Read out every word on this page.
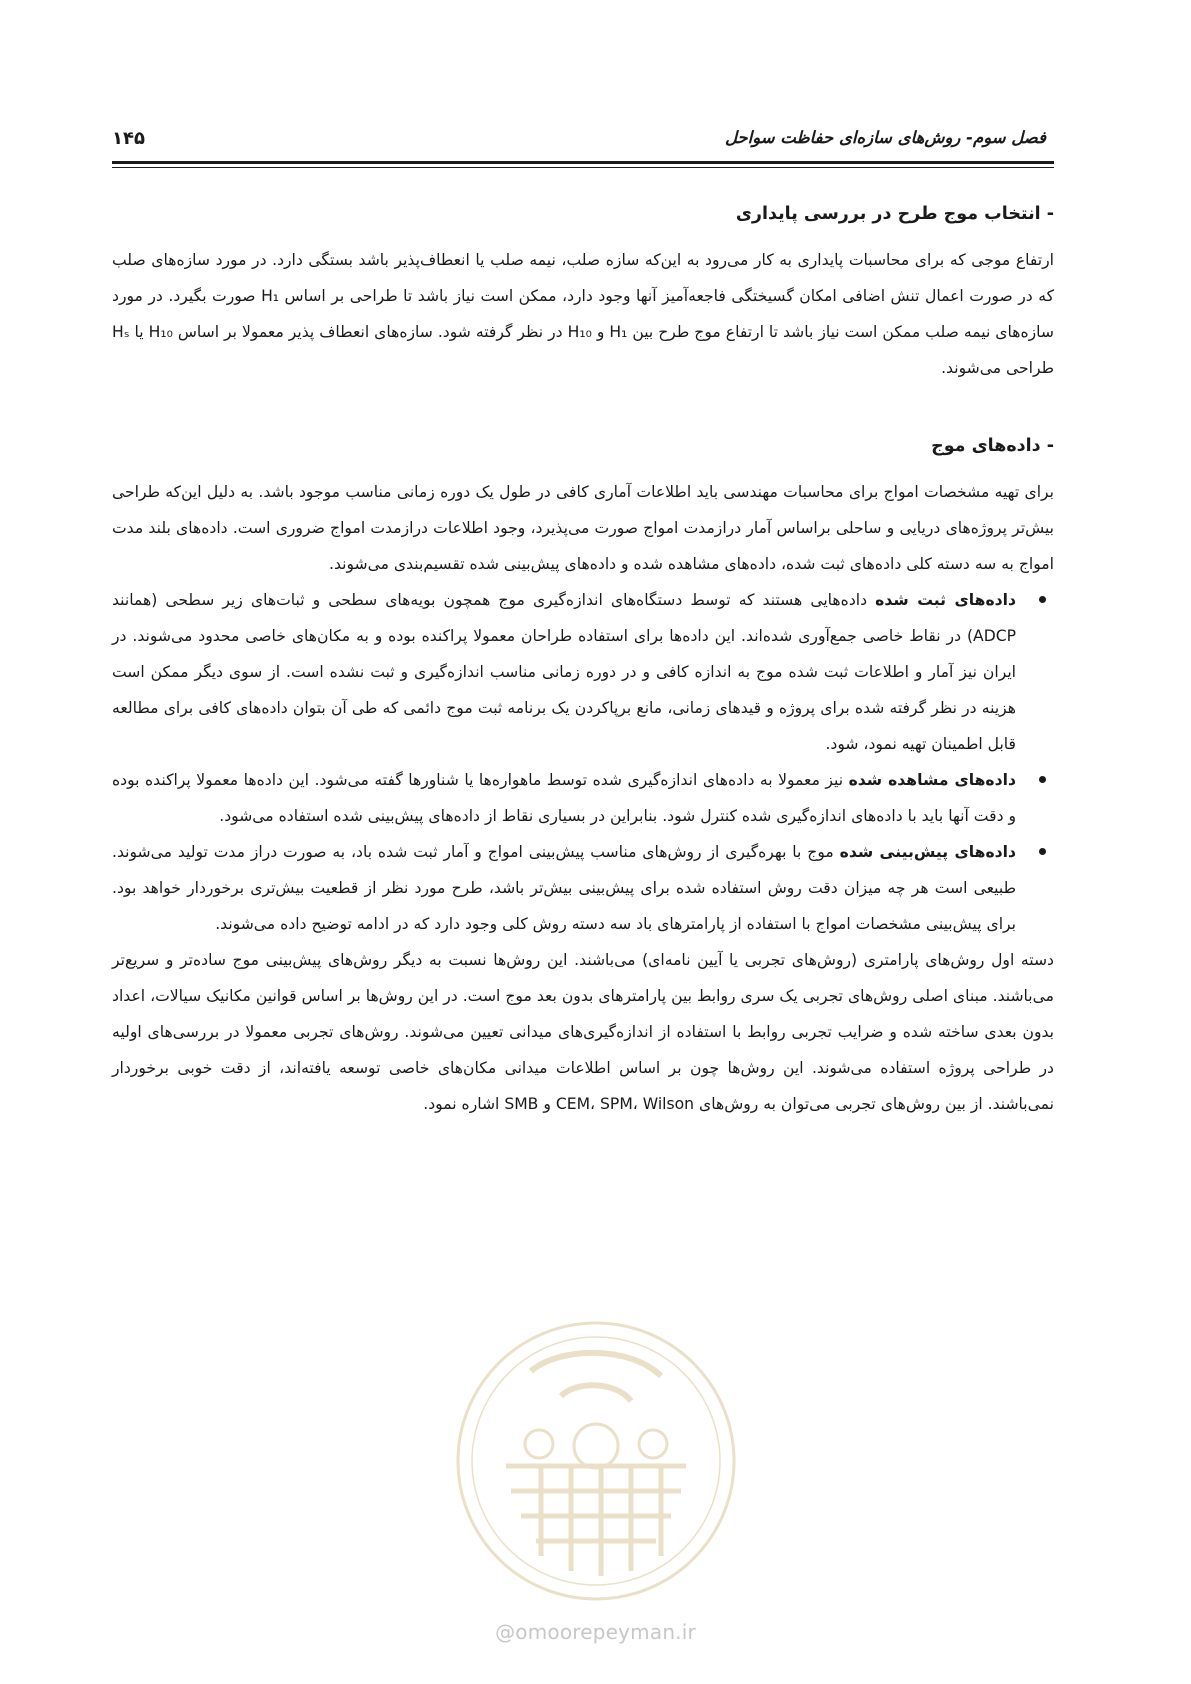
فصل سوم- روش‌های سازه‌ای حفاظت سواحل
۱۴۵
- انتخاب موج طرح در بررسی پایداری
ارتفاع موجی که برای محاسبات پایداری به کار می‌رود به این‌که سازه صلب، نیمه صلب یا انعطاف‌پذیر باشد بستگی دارد. در مورد سازه‌های صلب که در صورت اعمال تنش اضافی امکان گسیختگی فاجعه‌آمیز آنها وجود دارد، ممکن است نیاز باشد تا طراحی بر اساس H₁ صورت بگیرد. در مورد سازه‌های نیمه صلب ممکن است نیاز باشد تا ارتفاع موج طرح بین H₁ و H₁₀ در نظر گرفته شود. سازه‌های انعطاف پذیر معمولا بر اساس H₁₀ یا Hₛ طراحی می‌شوند.
- داده‌های موج
برای تهیه مشخصات امواج برای محاسبات مهندسی باید اطلاعات آماری کافی در طول یک دوره زمانی مناسب موجود باشد. به دلیل این‌که طراحی بیش‌تر پروژه‌های دریایی و ساحلی براساس آمار درازمدت امواج صورت می‌پذیرد، وجود اطلاعات درازمدت امواج ضروری است. داده‌های بلند مدت امواج به سه دسته کلی داده‌های ثبت شده، داده‌های مشاهده شده و داده‌های پیش‌بینی شده تقسیم‌بندی می‌شوند.
داده‌های ثبت شده داده‌هایی هستند که توسط دستگاه‌های اندازه‌گیری موج همچون بویه‌های سطحی و ثبات‌های زیر سطحی (همانند ADCP) در نقاط خاصی جمع‌آوری شده‌اند. این داده‌ها برای استفاده طراحان معمولا پراکنده بوده و به مکان‌های خاصی محدود می‌شوند. در ایران نیز آمار و اطلاعات ثبت شده موج به اندازه کافی و در دوره زمانی مناسب اندازه‌گیری و ثبت نشده است. از سوی دیگر ممکن است هزینه در نظر گرفته شده برای پروژه و قیدهای زمانی، مانع برپاکردن یک برنامه ثبت موج دائمی که طی آن بتوان داده‌های کافی برای مطالعه قابل اطمینان تهیه نمود، شود.
داده‌های مشاهده شده نیز معمولا به داده‌های اندازه‌گیری شده توسط ماهواره‌ها یا شناورها گفته می‌شود. این داده‌ها معمولا پراکنده بوده و دقت آنها باید با داده‌های اندازه‌گیری شده کنترل شود. بنابراین در بسیاری نقاط از داده‌های پیش‌بینی شده استفاده می‌شود.
داده‌های پیش‌بینی شده موج با بهره‌گیری از روش‌های مناسب پیش‌بینی امواج و آمار ثبت شده باد، به صورت دراز مدت تولید می‌شوند. طبیعی است هر چه میزان دقت روش استفاده شده برای پیش‌بینی بیش‌تر باشد، طرح مورد نظر از قطعیت بیش‌تری برخوردار خواهد بود. برای پیش‌بینی مشخصات امواج با استفاده از پارامترهای باد سه دسته روش کلی وجود دارد که در ادامه توضیح داده می‌شوند.
دسته اول روش‌های پارامتری (روش‌های تجربی یا آیین نامه‌ای) می‌باشند. این روش‌ها نسبت به دیگر روش‌های پیش‌بینی موج ساده‌تر و سریع‌تر می‌باشند. مبنای اصلی روش‌های تجربی یک سری روابط بین پارامترهای بدون بعد موج است. در این روش‌ها بر اساس قوانین مکانیک سیالات، اعداد بدون بعدی ساخته شده و ضرایب تجربی روابط با استفاده از اندازه‌گیری‌های میدانی تعیین می‌شوند. روش‌های تجربی معمولا در بررسی‌های اولیه در طراحی پروژه استفاده می‌شوند. این روش‌ها چون بر اساس اطلاعات میدانی مکان‌های خاصی توسعه یافته‌اند، از دقت خوبی برخوردار نمی‌باشند. از بین روش‌های تجربی می‌توان به روش‌های CEM، SPM، Wilson و SMB اشاره نمود.
@omoorepeyman.ir
